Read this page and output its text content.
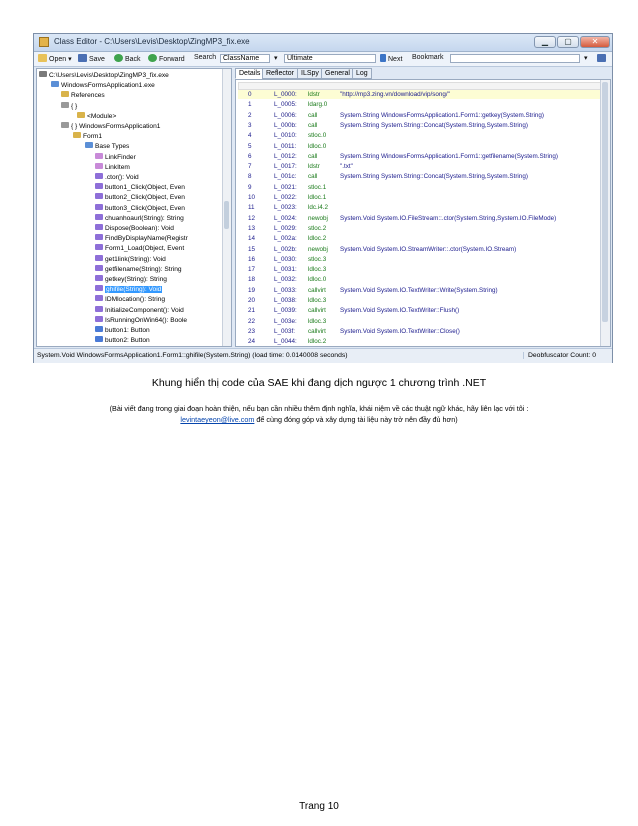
Class Editor - C:\Users\Levis\Desktop\ZingMP3_fix.exe	▁	▢	✕
Open ▾	Save	Back	Forward Search ClassName	▾	Ultimate	Next Bookmark	▾
C:\Users\Levis\Desktop\ZingMP3_fix.exe
WindowsFormsApplication1.exe
References
{ }
<Module>
{ } WindowsFormsApplication1
Form1
Base Types
LinkFinder
LinkItem
.ctor(): Void
button1_Click(Object, Even
button2_Click(Object, Even
button3_Click(Object, Even
chuanhoaurl(String): String
Dispose(Boolean): Void
FindByDisplayName(Registr
Form1_Load(Object, Event
get1link(String): Void
getfilename(String): String
getkey(String): String
ghifile(String): Void
IDMlocation(): String
InitializeComponent(): Void
IsRunningOnWin64(): Boole
button1: Button
button2: Button
Details Reflector ILSpy General Log
0	L_0000: ldstr	"http://mp3.zing.vn/download/vip/song/"
1	L_0005: ldarg.0
2	L_0006: call	System.String WindowsFormsApplication1.Form1::getkey(System.String)
3	L_000b: call	System.String System.String::Concat(System.String,System.String)
4	L_0010: stloc.0
5	L_0011: ldloc.0
6	L_0012: call	System.String WindowsFormsApplication1.Form1::getfilename(System.String)
7	L_0017: ldstr	".txt"
8	L_001c: call	System.String System.String::Concat(System.String,System.String)
9	L_0021: stloc.1
10	L_0022: ldloc.1
11	L_0023: ldc.i4.2
12	L_0024: newobj System.Void System.IO.FileStream::.ctor(System.String,System.IO.FileMode)
13	L_0029: stloc.2
14	L_002a: ldloc.2
15	L_002b: newobj System.Void System.IO.StreamWriter::.ctor(System.IO.Stream)
16	L_0030: stloc.3
17	L_0031: ldloc.3
18	L_0032: ldloc.0
19	L_0033: callvirt System.Void System.IO.TextWriter::Write(System.String)
20	L_0038: ldloc.3
21	L_0039: callvirt System.Void System.IO.TextWriter::Flush()
22	L_003e: ldloc.3
23	L_003f: callvirt System.Void System.IO.TextWriter::Close()
24	L_0044: ldloc.2
System.Void WindowsFormsApplication1.Form1::ghifile(System.String) (load time: 0.0140008 seconds)	Deobfuscator Count: 0
Khung hiển thị code của SAE khi đang dịch ngược 1 chương trình .NET
(Bài viết đang trong giai đoạn hoàn thiện, nếu bạn cần nhiều thêm định nghĩa, khái niệm về các thuật ngữ khác, hãy liên lạc với tôi :
levintaeyeon@live.com để cùng đóng góp và xây dựng tài liệu này trở nên đầy đủ hơn)
Trang 10
